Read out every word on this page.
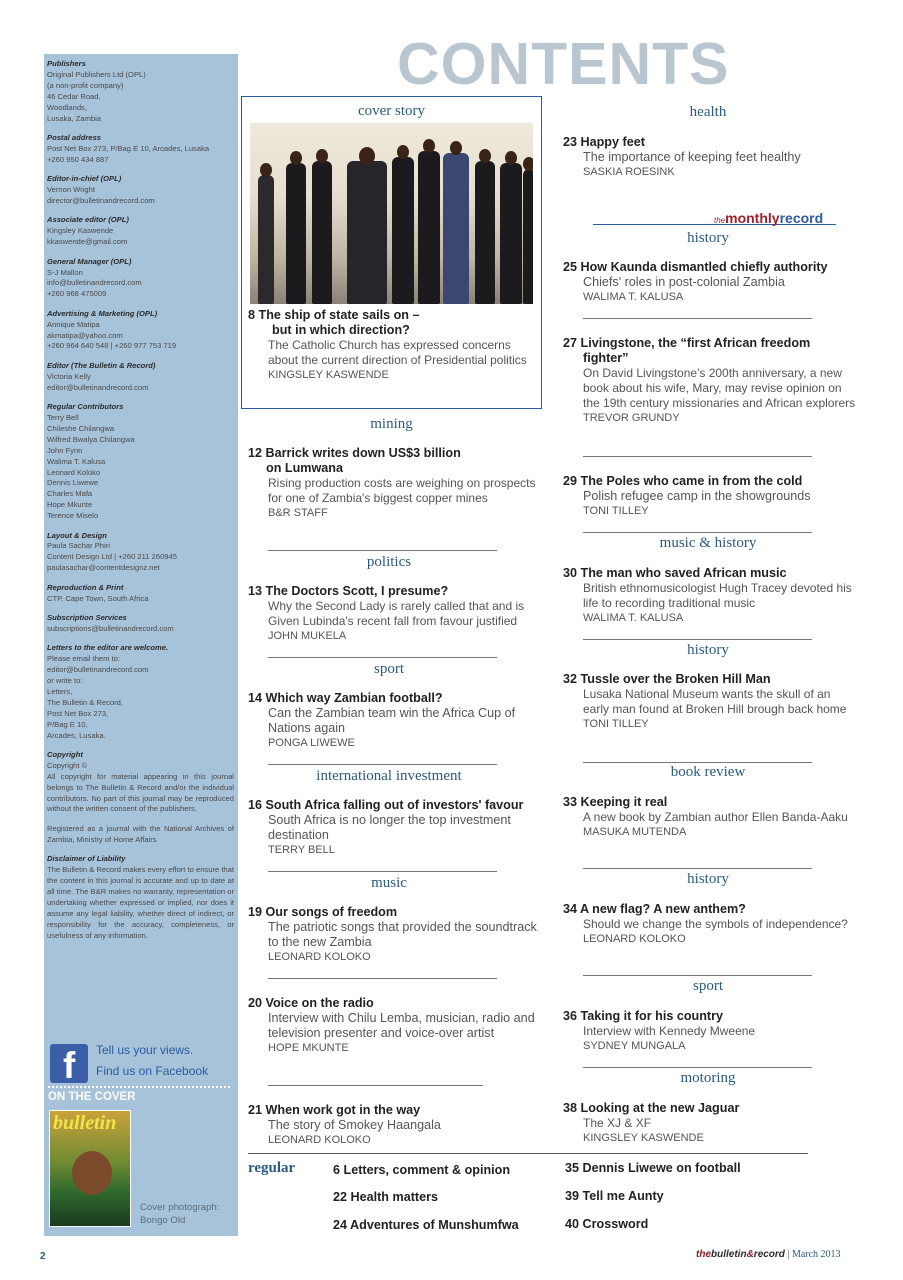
Publishers
Original Publishers Ltd (OPL)
(a non-profit company)
46 Cedar Road,
Woodlands,
Lusaka, Zambia
Postal address
Post Net Box 273, P/Bag E 10, Arcades, Lusaka
+260 950 434 887
Editor-in-chief (OPL)
Vernon Wright
director@bulletinandrecord.com
Associate editor (OPL)
Kingsley Kaswende
kkaswende@gmail.com
General Manager (OPL)
S-J Mallon
info@bulletinandrecord.com
+260 968 475009
Advertising & Marketing (OPL)
Annique Matipa
akmatipa@yahoo.com
+260 964 640 548 | +260 977 753 719
Editor (The Bulletin & Record)
Victoria Kelly
editor@bulletinandrecord.com
Regular Contributors
Terry Bell
Chileshe Chilangwa
Wilfred Bwalya Chilangwa
John Fynn
Walima T. Kalusa
Leonard Koloko
Dennis Liwewe
Charles Mafa
Hope Mkunte
Terence Miselo
Layout & Design
Paula Sachar Phiri
Content Design Ltd | +260 211 260945
paulasachar@contentdesignz.net
Reproduction & Print
CTP, Cape Town, South Africa
Subscription Services
subscriptions@bulletinandrecord.com
Letters to the editor are welcome.
Please email them to:
editor@bulletinandrecord.com
or write to:
Letters,
The Bulletin & Record,
Post Net Box 273,
P/Bag E 10,
Arcades, Lusaka.
Copyright
Copyright ©
All copyright for material appearing in this journal belongs to The Bulletin & Record and/or the individual contributors. No part of this journal may be reproduced without the written consent of the publishers.
Registered as a journal with the National Archives of Zambia, Ministry of Home Affairs
Disclaimer of Liability
The Bulletin & Record makes every effort to ensure that the content in this journal is accurate and up to date at all time. The B&R makes no warranty, representation or undertaking whether expressed or implied, nor does it assume any legal liability, whether direct of indirect, or responsibility for the accuracy, completeness, or usefulness of any information.
f Tell us your views.
Find us on Facebook
ON THE COVER
bulletin
Cover photograph:
Bongo Old
CONTENTS
cover story
8 The ship of state sails on –
but in which direction?
The Catholic Church has expressed concerns about the current direction of Presidential politics
KINGSLEY KASWENDE
mining
12 Barrick writes down US$3 billion
on Lumwana
Rising production costs are weighing on prospects for one of Zambia's biggest copper mines
B&R STAFF
politics
13 The Doctors Scott, I presume?
Why the Second Lady is rarely called that and is Given Lubinda's recent fall from favour justified
JOHN MUKELA
sport
14 Which way Zambian football?
Can the Zambian team win the Africa Cup of Nations again
PONGA LIWEWE
international investment
16 South Africa falling out of investors' favour
South Africa is no longer the top investment destination
TERRY BELL
music
19 Our songs of freedom
The patriotic songs that provided the soundtrack to the new Zambia
LEONARD KOLOKO
20 Voice on the radio
Interview with Chilu Lemba, musician, radio and television presenter and voice-over artist
HOPE MKUNTE
21 When work got in the way
The story of Smokey Haangala
LEONARD KOLOKO
health
23 Happy feet
The importance of keeping feet healthy
SASKIA ROESINK
themonthlyrecord
history
25 How Kaunda dismantled chiefly authority
Chiefs' roles in post-colonial Zambia
WALIMA T. KALUSA
27 Livingstone, the “first African freedom
fighter”
On David Livingstone's 200th anniversary, a new book about his wife, Mary, may revise opinion on the 19th century missionaries and African explorers
TREVOR GRUNDY
29 The Poles who came in from the cold
Polish refugee camp in the showgrounds
TONI TILLEY
music & history
30 The man who saved African music
British ethnomusicologist Hugh Tracey devoted his life to recording traditional music
WALIMA T. KALUSA
history
32 Tussle over the Broken Hill Man
Lusaka National Museum wants the skull of an early man found at Broken Hill brough back home
TONI TILLEY
book review
33 Keeping it real
A new book by Zambian author Ellen Banda-Aaku
MASUKA MUTENDA
history
34 A new flag? A new anthem?
Should we change the symbols of independence?
LEONARD KOLOKO
sport
36 Taking it for his country
Interview with Kennedy Mweene
SYDNEY MUNGALA
motoring
38 Looking at the new Jaguar
The XJ & XF
KINGSLEY KASWENDE
regular	6 Letters, comment & opinion
22 Health matters
24 Adventures of Munshumfwa
35 Dennis Liwewe on football
39 Tell me Aunty
40 Crossword
2	thebulletin&record | March 2013
